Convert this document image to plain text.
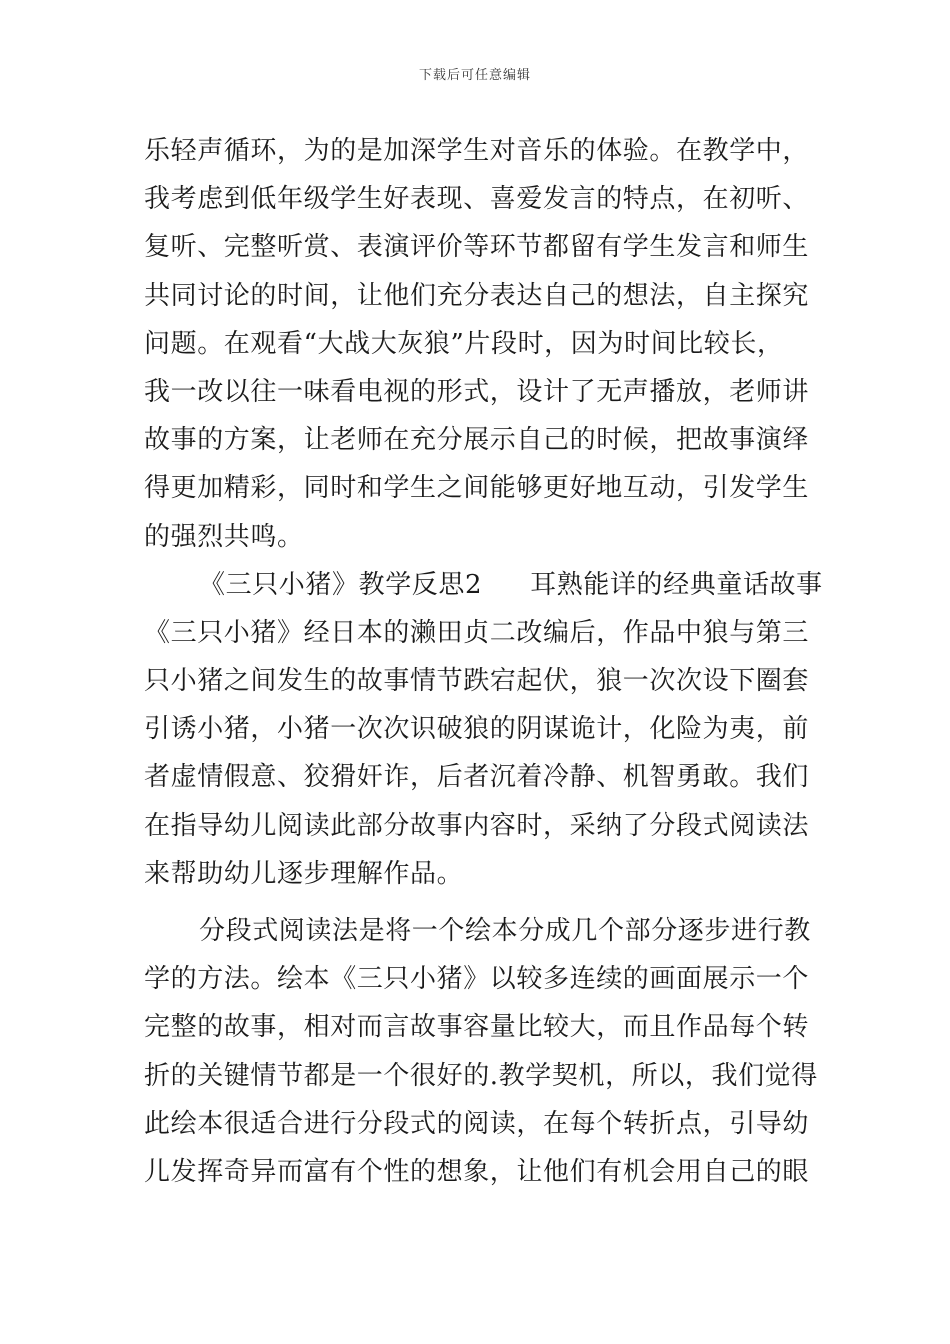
下载后可任意编辑
乐轻声循环，为的是加深学生对音乐的体验。在教学中，
我考虑到低年级学生好表现、喜爱发言的特点，在初听、
复听、完整听赏、表演评价等环节都留有学生发言和师生
共同讨论的时间，让他们充分表达自己的想法，自主探究
问题。在观看“大战大灰狼”片段时，因为时间比较长，
我一改以往一味看电视的形式，设计了无声播放，老师讲
故事的方案，让老师在充分展示自己的时候，把故事演绎
得更加精彩，同时和学生之间能够更好地互动，引发学生
的强烈共鸣。
《三只小猪》教学反思2 耳熟能详的经典童话故事
《三只小猪》经日本的濑田贞二改编后，作品中狼与第三
只小猪之间发生的故事情节跌宕起伏，狼一次次设下圈套
引诱小猪，小猪一次次识破狼的阴谋诡计，化险为夷，前
者虚情假意、狡猾奸诈，后者沉着冷静、机智勇敢。我们
在指导幼儿阅读此部分故事内容时，采纳了分段式阅读法
来帮助幼儿逐步理解作品。
分段式阅读法是将一个绘本分成几个部分逐步进行教
学的方法。绘本《三只小猪》以较多连续的画面展示一个
完整的故事，相对而言故事容量比较大，而且作品每个转
折的关键情节都是一个很好的.教学契机，所以，我们觉得
此绘本很适合进行分段式的阅读，在每个转折点，引导幼
儿发挥奇异而富有个性的想象，让他们有机会用自己的眼
